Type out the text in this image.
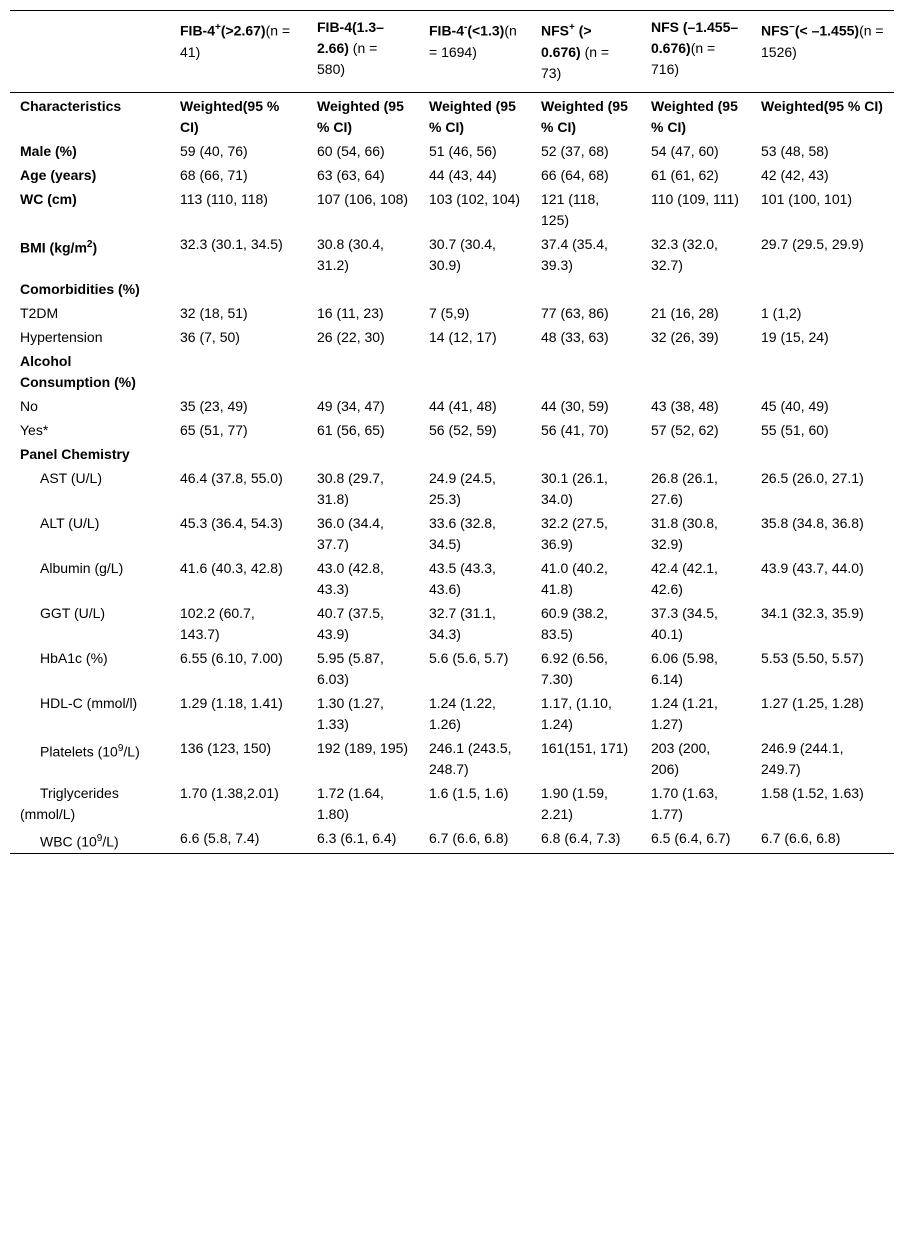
	FIB-4+(>2.67)(n = 41)	FIB-4(1.3–2.66) (n = 580)	FIB-4-(<1.3)(n = 1694)	NFS+ (> 0.676) (n = 73)	NFS (–1.455–0.676)(n = 716)	NFS−(< –1.455)(n = 1526)
Characteristics	Weighted(95 % CI)	Weighted (95 % CI)	Weighted (95 % CI)	Weighted (95 % CI)	Weighted (95 % CI)	Weighted(95 % CI)
Male (%)	59 (40, 76)	60 (54, 66)	51 (46, 56)	52 (37, 68)	54 (47, 60)	53 (48, 58)
Age (years)	68 (66, 71)	63 (63, 64)	44 (43, 44)	66 (64, 68)	61 (61, 62)	42 (42, 43)
WC (cm)	113 (110, 118)	107 (106, 108)	103 (102, 104)	121 (118, 125)	110 (109, 111)	101 (100, 101)
BMI $(kg/m^2)$	32.3 (30.1, 34.5)	30.8 (30.4, 31.2)	30.7 (30.4, 30.9)	37.4 (35.4, 39.3)	32.3 (32.0, 32.7)	29.7 (29.5, 29.9)
Comorbidities (%)						
T2DM	32 (18, 51)	16 (11, 23)	7 (5,9)	77 (63, 86)	21 (16, 28)	1 (1,2)
Hypertension	36 (7, 50)	26 (22, 30)	14 (12, 17)	48 (33, 63)	32 (26, 39)	19 (15, 24)
Alcohol Consumption (%)						
No	35 (23, 49)	49 (34, 47)	44 (41, 48)	44 (30, 59)	43 (38, 48)	45 (40, 49)
Yes*	65 (51, 77)	61 (56, 65)	56 (52, 59)	56 (41, 70)	57 (52, 62)	55 (51, 60)
Panel Chemistry						
AST (U/L)	46.4 (37.8, 55.0)	30.8 (29.7, 31.8)	24.9 (24.5, 25.3)	30.1 (26.1, 34.0)	26.8 (26.1, 27.6)	26.5 (26.0, 27.1)
ALT (U/L)	45.3 (36.4, 54.3)	36.0 (34.4, 37.7)	33.6 (32.8, 34.5)	32.2 (27.5, 36.9)	31.8 (30.8, 32.9)	35.8 (34.8, 36.8)
Albumin (g/L)	41.6 (40.3, 42.8)	43.0 (42.8, 43.3)	43.5 (43.3, 43.6)	41.0 (40.2, 41.8)	42.4 (42.1, 42.6)	43.9 (43.7, 44.0)
GGT (U/L)	102.2 (60.7, 143.7)	40.7 (37.5, 43.9)	32.7 (31.1, 34.3)	60.9 (38.2, 83.5)	37.3 (34.5, 40.1)	34.1 (32.3, 35.9)
HbA1c (%)	6.55 (6.10, 7.00)	5.95 (5.87, 6.03)	5.6 (5.6, 5.7)	6.92 (6.56, 7.30)	6.06 (5.98, 6.14)	5.53 (5.50, 5.57)
HDL-C (mmol/l)	1.29 (1.18, 1.41)	1.30 (1.27, 1.33)	1.24 (1.22, 1.26)	1.17, (1.10, 1.24)	1.24 (1.21, 1.27)	1.27 (1.25, 1.28)
Platelets $(10^9/L)$	136 (123, 150)	192 (189, 195)	246.1 (243.5, 248.7)	161(151, 171)	203 (200, 206)	246.9 (244.1, 249.7)
Triglycerides (mmol/L)	1.70 (1.38,2.01)	1.72 (1.64, 1.80)	1.6 (1.5, 1.6)	1.90 (1.59, 2.21)	1.70 (1.63, 1.77)	1.58 (1.52, 1.63)
WBC $(10^9/L)$	6.6 (5.8, 7.4)	6.3 (6.1, 6.4)	6.7 (6.6, 6.8)	6.8 (6.4, 7.3)	6.5 (6.4, 6.7)	6.7 (6.6, 6.8)
